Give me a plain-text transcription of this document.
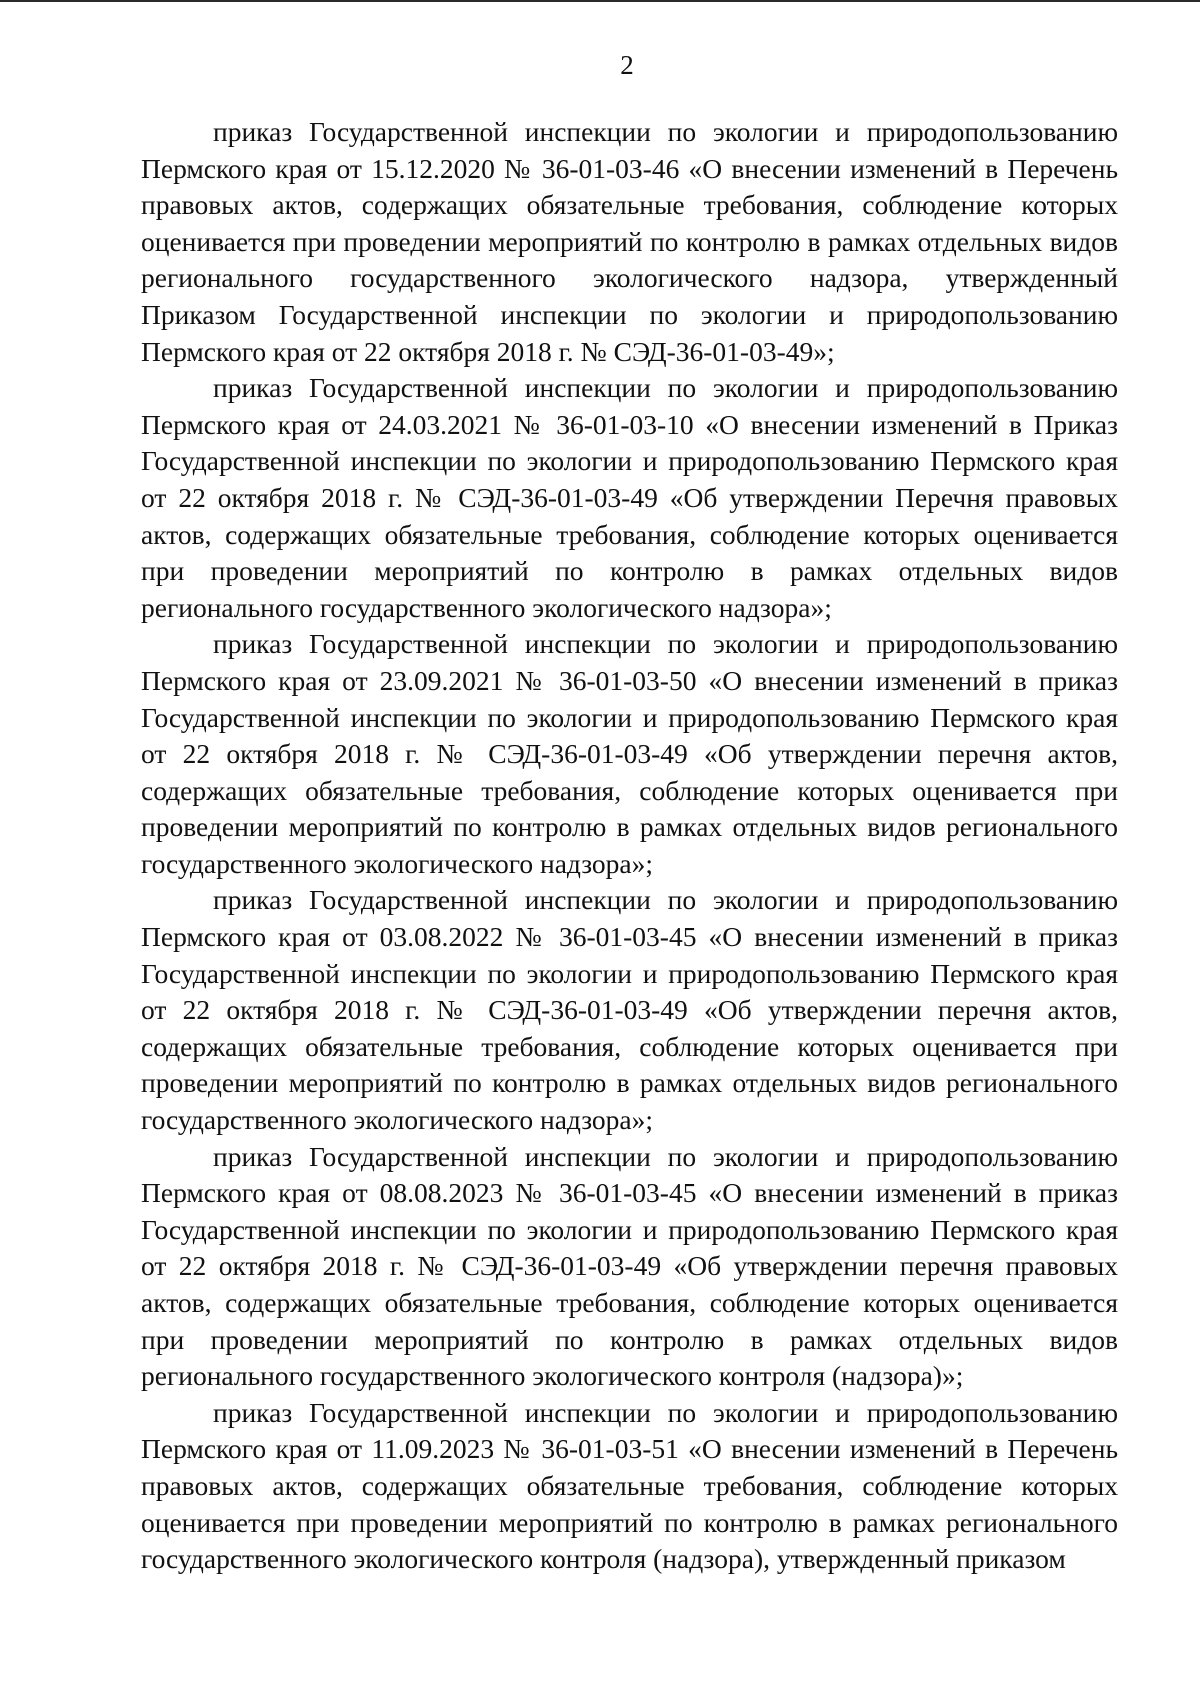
2

приказ Государственной инспекции по экологии и природопользованию Пермского края от 15.12.2020 № 36-01-03-46 «О внесении изменений в Перечень правовых актов, содержащих обязательные требования, соблюдение которых оценивается при проведении мероприятий по контролю в рамках отдельных видов регионального государственного экологического надзора, утвержденный Приказом Государственной инспекции по экологии и природопользованию Пермского края от 22 октября 2018 г. № СЭД-36-01-03-49»;

приказ Государственной инспекции по экологии и природопользованию Пермского края от 24.03.2021 № 36-01-03-10 «О внесении изменений в Приказ Государственной инспекции по экологии и природопользованию Пермского края от 22 октября 2018 г. № СЭД-36-01-03-49 «Об утверждении Перечня правовых актов, содержащих обязательные требования, соблюдение которых оценивается при проведении мероприятий по контролю в рамках отдельных видов регионального государственного экологического надзора»;

приказ Государственной инспекции по экологии и природопользованию Пермского края от 23.09.2021 № 36-01-03-50 «О внесении изменений в приказ Государственной инспекции по экологии и природопользованию Пермского края от 22 октября 2018 г. № СЭД-36-01-03-49 «Об утверждении перечня актов, содержащих обязательные требования, соблюдение которых оценивается при проведении мероприятий по контролю в рамках отдельных видов регионального государственного экологического надзора»;

приказ Государственной инспекции по экологии и природопользованию Пермского края от 03.08.2022 № 36-01-03-45 «О внесении изменений в приказ Государственной инспекции по экологии и природопользованию Пермского края от 22 октября 2018 г. № СЭД-36-01-03-49 «Об утверждении перечня актов, содержащих обязательные требования, соблюдение которых оценивается при проведении мероприятий по контролю в рамках отдельных видов регионального государственного экологического надзора»;

приказ Государственной инспекции по экологии и природопользованию Пермского края от 08.08.2023 № 36-01-03-45 «О внесении изменений в приказ Государственной инспекции по экологии и природопользованию Пермского края от 22 октября 2018 г. № СЭД-36-01-03-49 «Об утверждении перечня правовых актов, содержащих обязательные требования, соблюдение которых оценивается при проведении мероприятий по контролю в рамках отдельных видов регионального государственного экологического контроля (надзора)»;

приказ Государственной инспекции по экологии и природопользованию Пермского края от 11.09.2023 № 36-01-03-51 «О внесении изменений в Перечень правовых актов, содержащих обязательные требования, соблюдение которых оценивается при проведении мероприятий по контролю в рамках регионального государственного экологического контроля (надзора), утвержденный приказом
